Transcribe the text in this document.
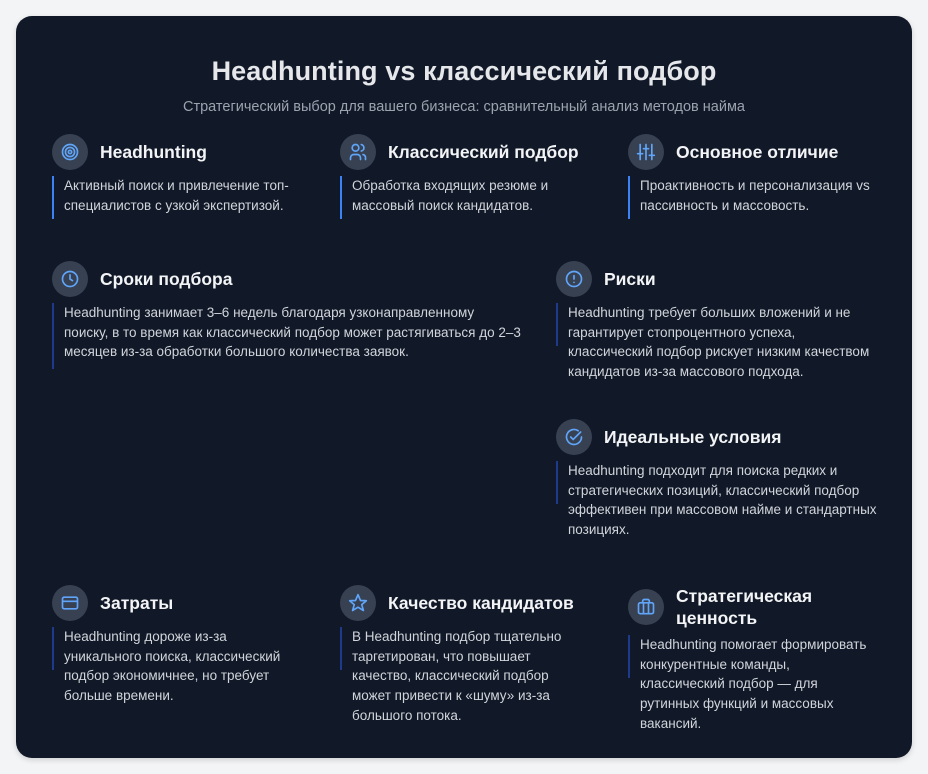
Headhunting vs классический подбор
Стратегический выбор для вашего бизнеса: сравнительный анализ методов найма
Headhunting
Активный поиск и привлечение топ-специалистов с узкой экспертизой.
Классический подбор
Обработка входящих резюме и массовый поиск кандидатов.
Основное отличие
Проактивность и персонализация vs пассивность и массовость.
Сроки подбора
Headhunting занимает 3–6 недель благодаря узконаправленному поиску, в то время как классический подбор может растягиваться до 2–3 месяцев из-за обработки большого количества заявок.
Риски
Headhunting требует больших вложений и не гарантирует стопроцентного успеха, классический подбор рискует низким качеством кандидатов из-за массового подхода.
Идеальные условия
Headhunting подходит для поиска редких и стратегических позиций, классический подбор эффективен при массовом найме и стандартных позициях.
Затраты
Headhunting дороже из-за уникального поиска, классический подбор экономичнее, но требует больше времени.
Качество кандидатов
В Headhunting подбор тщательно таргетирован, что повышает качество, классический подбор может привести к «шуму» из-за большого потока.
Стратегическая ценность
Headhunting помогает формировать конкурентные команды, классический подбор — для рутинных функций и массовых вакансий.
